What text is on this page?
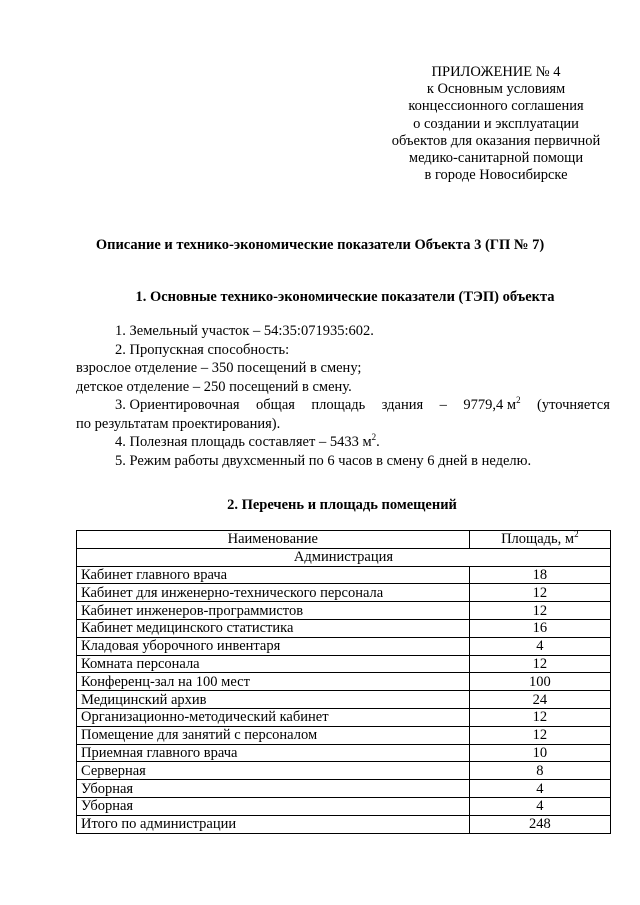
ПРИЛОЖЕНИЕ № 4
к Основным условиям
концессионного соглашения
о создании и эксплуатации
объектов для оказания первичной
медико-санитарной помощи
в городе Новосибирске
Описание и технико-экономические показатели Объекта 3 (ГП № 7)
1. Основные технико-экономические показатели (ТЭП) объекта
1. Земельный участок – 54:35:071935:602.
2. Пропускная способность:
взрослое отделение – 350 посещений в смену;
детское отделение – 250 посещений в смену.
3. Ориентировочная общая площадь здания – 9779,4 $м^2$ (уточняется
по результатам проектирования).
4. Полезная площадь составляет – 5433 $м^2$.
5. Режим работы двухсменный по 6 часов в смену 6 дней в неделю.
2. Перечень и площадь помещений
Наименование	Площадь, $м^2$
Администрация	
Кабинет главного врача	18
Кабинет для инженерно-технического персонала	12
Кабинет инженеров-программистов	12
Кабинет медицинского статистика	16
Кладовая уборочного инвентаря	4
Комната персонала	12
Конференц-зал на 100 мест	100
Медицинский архив	24
Организационно-методический кабинет	12
Помещение для занятий с персоналом	12
Приемная главного врача	10
Серверная	8
Уборная	4
Уборная	4
Итого по администрации	248
